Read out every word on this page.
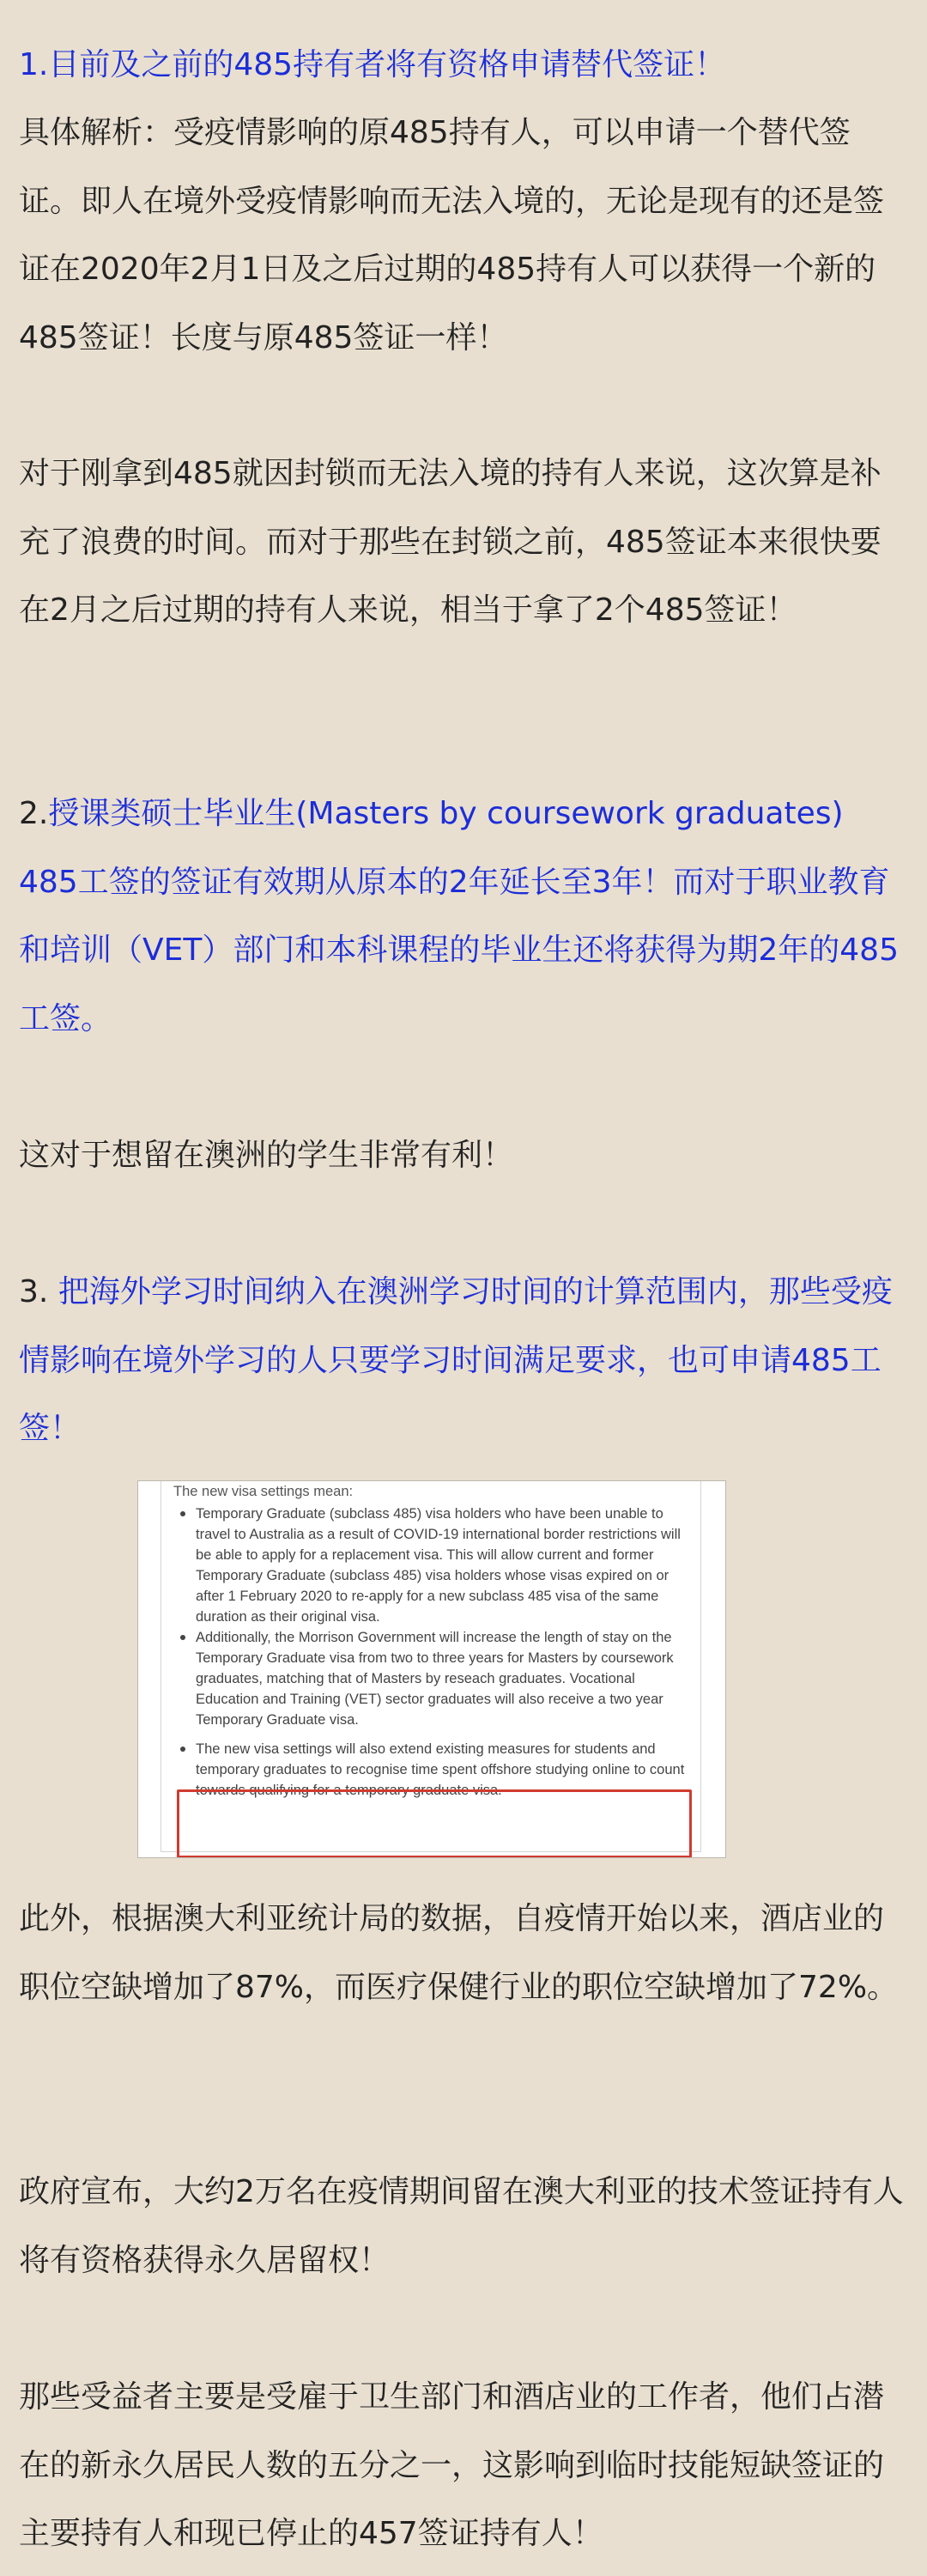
1.目前及之前的485持有者将有资格申请替代签证！

具体解析：受疫情影响的原485持有人，可以申请一个替代签证。即人在境外受疫情影响而无法入境的，无论是现有的还是签证在2020年2月1日及之后过期的485持有人可以获得一个新的485签证！长度与原485签证一样！

对于刚拿到485就因封锁而无法入境的持有人来说，这次算是补充了浪费的时间。而对于那些在封锁之前，485签证本来很快要在2月之后过期的持有人来说，相当于拿了2个485签证！

2.授课类硕士毕业生(Masters by coursework graduates) 485工签的签证有效期从原本的2年延长至3年！而对于职业教育和培训（VET）部门和本科课程的毕业生还将获得为期2年的485工签。

这对于想留在澳洲的学生非常有利！

3. 把海外学习时间纳入在澳洲学习时间的计算范围内，那些受疫情影响在境外学习的人只要学习时间满足要求，也可申请485工签！

The new visa settings mean:

Temporary Graduate (subclass 485) visa holders who have been unable to travel to Australia as a result of COVID-19 international border restrictions will be able to apply for a replacement visa. This will allow current and former Temporary Graduate (subclass 485) visa holders whose visas expired on or after 1 February 2020 to re-apply for a new subclass 485 visa of the same duration as their original visa.
Additionally, the Morrison Government will increase the length of stay on the Temporary Graduate visa from two to three years for Masters by coursework graduates, matching that of Masters by reseach graduates. Vocational Education and Training (VET) sector graduates will also receive a two year Temporary Graduate visa.
The new visa settings will also extend existing measures for students and temporary graduates to recognise time spent offshore studying online to count towards qualifying for a temporary graduate visa.

此外，根据澳大利亚统计局的数据，自疫情开始以来，酒店业的职位空缺增加了87%，而医疗保健行业的职位空缺增加了72%。

政府宣布，大约2万名在疫情期间留在澳大利亚的技术签证持有人将有资格获得永久居留权！

那些受益者主要是受雇于卫生部门和酒店业的工作者，他们占潜在的新永久居民人数的五分之一，这影响到临时技能短缺签证的主要持有人和现已停止的457签证持有人！
